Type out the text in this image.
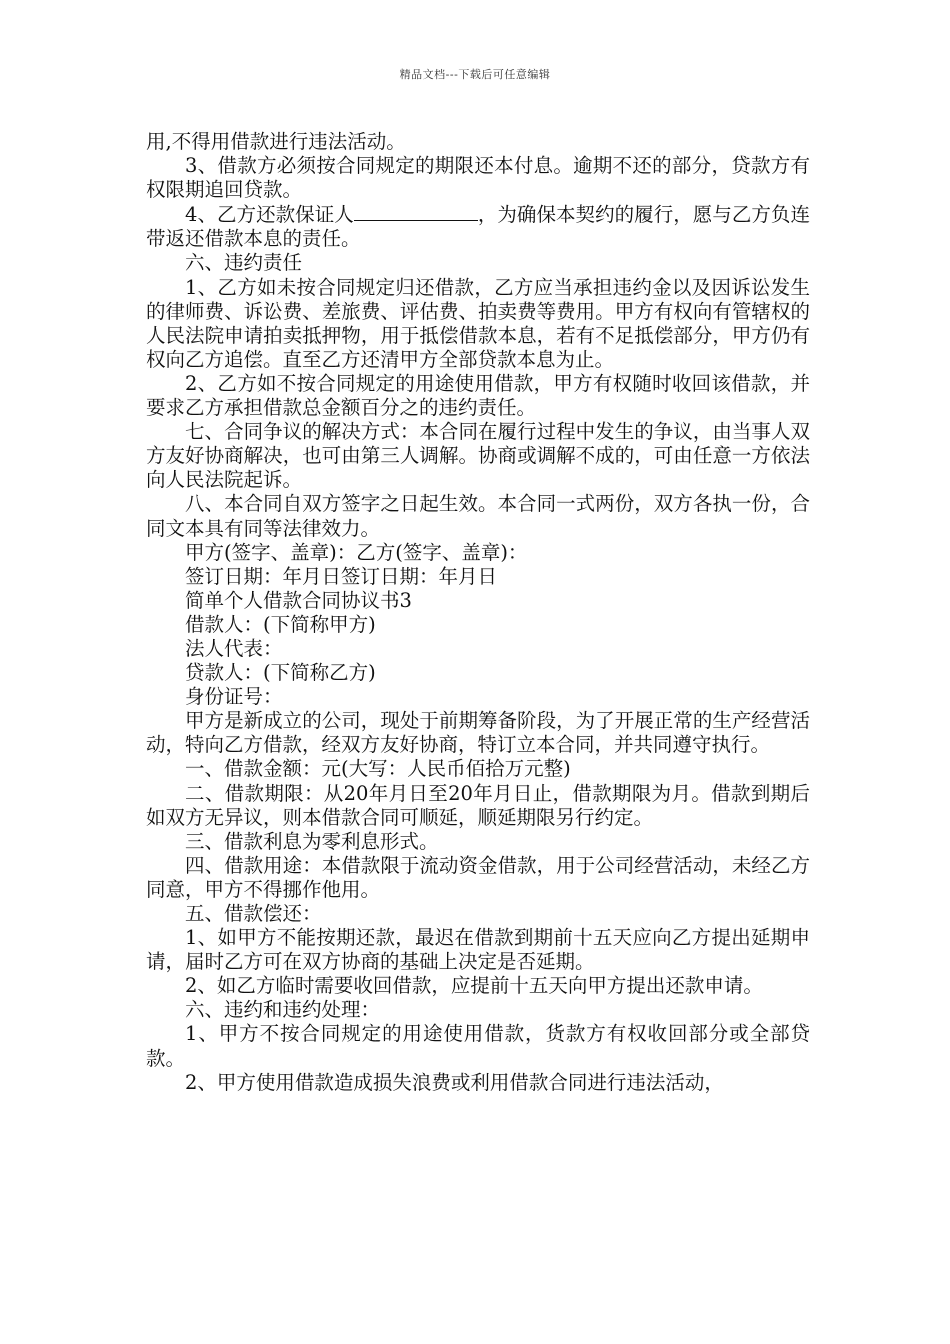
精品文档---下载后可任意编辑

用,不得用借款进行违法活动。

3、借款方必须按合同规定的期限还本付息。逾期不还的部分，贷款方有权限期追回贷款。

4、乙方还款保证人	，为确保本契约的履行，愿与乙方负连带返还借款本息的责任。

六、违约责任

1、乙方如未按合同规定归还借款，乙方应当承担违约金以及因诉讼发生的律师费、诉讼费、差旅费、评估费、拍卖费等费用。甲方有权向有管辖权的人民法院申请拍卖抵押物，用于抵偿借款本息，若有不足抵偿部分，甲方仍有权向乙方追偿。直至乙方还清甲方全部贷款本息为止。

2、乙方如不按合同规定的用途使用借款，甲方有权随时收回该借款，并要求乙方承担借款总金额百分之的违约责任。

七、合同争议的解决方式：本合同在履行过程中发生的争议，由当事人双方友好协商解决，也可由第三人调解。协商或调解不成的，可由任意一方依法向人民法院起诉。

八、本合同自双方签字之日起生效。本合同一式两份，双方各执一份，合同文本具有同等法律效力。

甲方(签字、盖章)：乙方(签字、盖章)：

签订日期：年月日签订日期：年月日

简单个人借款合同协议书3

借款人：(下简称甲方)

法人代表：

贷款人：(下简称乙方)

身份证号：

甲方是新成立的公司，现处于前期筹备阶段，为了开展正常的生产经营活动，特向乙方借款，经双方友好协商，特订立本合同，并共同遵守执行。

一、借款金额：元(大写：人民币佰拾万元整)

二、借款期限：从20年月日至20年月日止，借款期限为月。借款到期后如双方无异议，则本借款合同可顺延，顺延期限另行约定。

三、借款利息为零利息形式。

四、借款用途：本借款限于流动资金借款，用于公司经营活动，未经乙方同意，甲方不得挪作他用。

五、借款偿还：

1、如甲方不能按期还款，最迟在借款到期前十五天应向乙方提出延期申请，届时乙方可在双方协商的基础上决定是否延期。

2、如乙方临时需要收回借款，应提前十五天向甲方提出还款申请。

六、违约和违约处理：

1、甲方不按合同规定的用途使用借款，货款方有权收回部分或全部贷款。

2、甲方使用借款造成损失浪费或利用借款合同进行违法活动，
